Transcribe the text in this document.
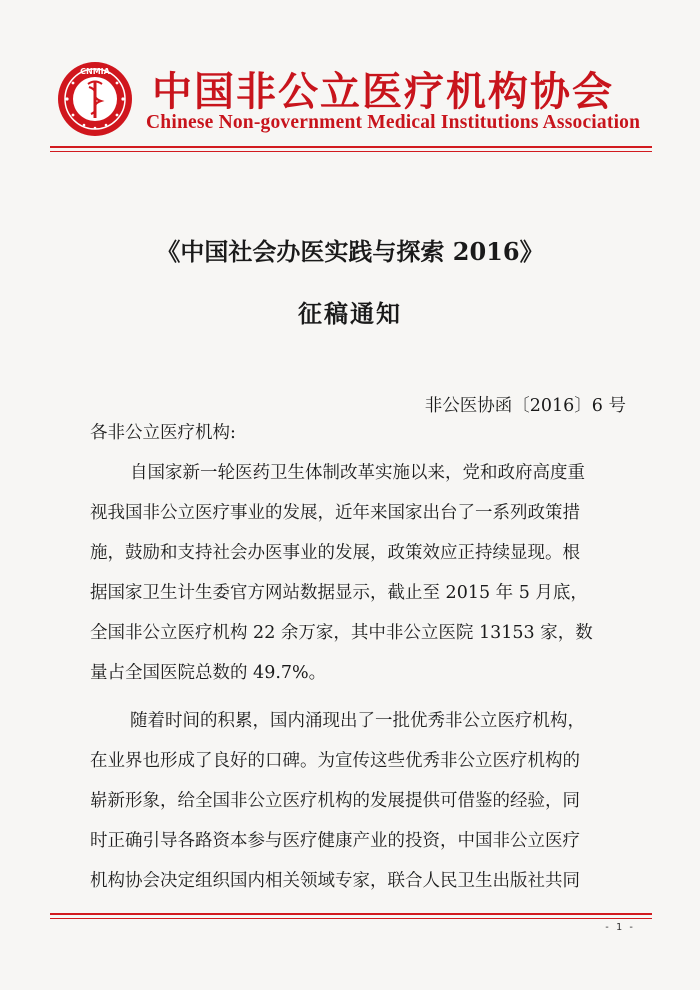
CNMIA 中国非公立医疗机构协会
Chinese Non-government Medical Institutions Association
《中国社会办医实践与探索 2016》
征稿通知
非公医协函〔2016〕6 号
各非公立医疗机构:
自国家新一轮医药卫生体制改革实施以来，党和政府高度重
视我国非公立医疗事业的发展，近年来国家出台了一系列政策措
施，鼓励和支持社会办医事业的发展，政策效应正持续显现。根
据国家卫生计生委官方网站数据显示，截止至 2015 年 5 月底，
全国非公立医疗机构 22 余万家，其中非公立医院 13153 家，数
量占全国医院总数的 49.7%。
随着时间的积累，国内涌现出了一批优秀非公立医疗机构，
在业界也形成了良好的口碑。为宣传这些优秀非公立医疗机构的
崭新形象，给全国非公立医疗机构的发展提供可借鉴的经验，同
时正确引导各路资本参与医疗健康产业的投资，中国非公立医疗
机构协会决定组织国内相关领域专家，联合人民卫生出版社共同
- 1 -
